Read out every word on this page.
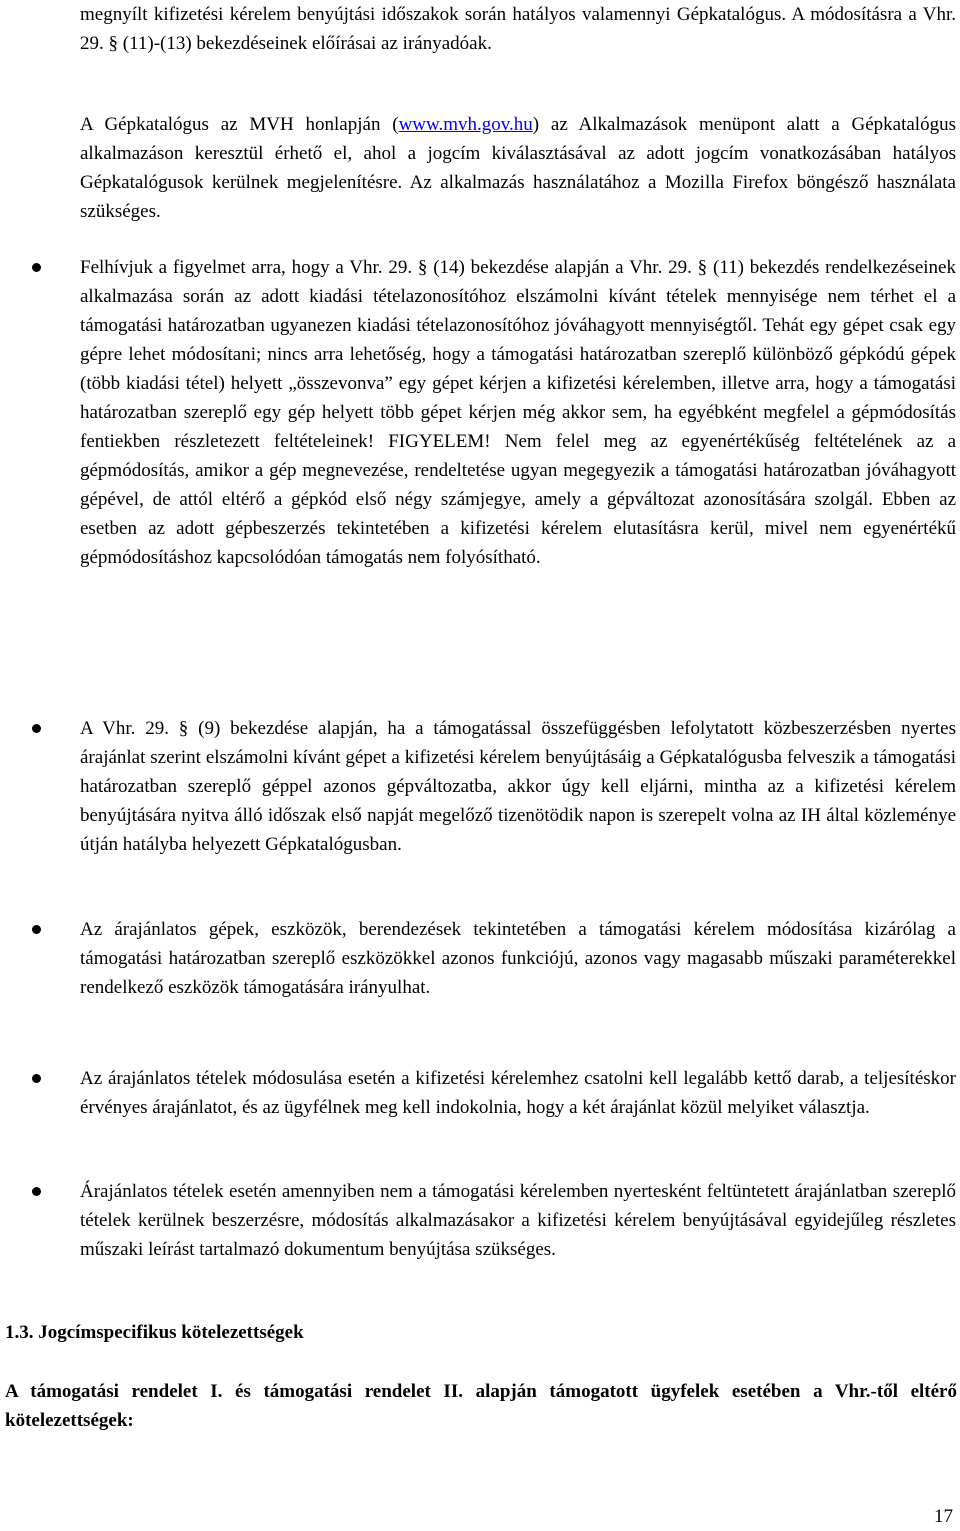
megnyílt kifizetési kérelem benyújtási időszakok során hatályos valamennyi Gépkatalógus. A módosításra a Vhr. 29. § (11)-(13) bekezdéseinek előírásai az irányadóak.

A Gépkatalógus az MVH honlapján (www.mvh.gov.hu) az Alkalmazások menüpont alatt a Gépkatalógus alkalmazáson keresztül érhető el, ahol a jogcím kiválasztásával az adott jogcím vonatkozásában hatályos Gépkatalógusok kerülnek megjelenítésre. Az alkalmazás használatához a Mozilla Firefox böngésző használata szükséges.

Felhívjuk a figyelmet arra, hogy a Vhr. 29. § (14) bekezdése alapján a Vhr. 29. § (11) bekezdés rendelkezéseinek alkalmazása során az adott kiadási tételazonosítóhoz elszámolni kívánt tételek mennyisége nem térhet el a támogatási határozatban ugyanezen kiadási tételazonosítóhoz jóváhagyott mennyiségtől. Tehát egy gépet csak egy gépre lehet módosítani; nincs arra lehetőség, hogy a támogatási határozatban szereplő különböző gépkódú gépek (több kiadási tétel) helyett „összevonva” egy gépet kérjen a kifizetési kérelemben, illetve arra, hogy a támogatási határozatban szereplő egy gép helyett több gépet kérjen még akkor sem, ha egyébként megfelel a gépmódosítás fentiekben részletezett feltételeinek! FIGYELEM! Nem felel meg az egyenértékűség feltételének az a gépmódosítás, amikor a gép megnevezése, rendeltetése ugyan megegyezik a támogatási határozatban jóváhagyott gépével, de attól eltérő a gépkód első négy számjegye, amely a gépváltozat azonosítására szolgál. Ebben az esetben az adott gépbeszerzés tekintetében a kifizetési kérelem elutasításra kerül, mivel nem egyenértékű gépmódosításhoz kapcsolódóan támogatás nem folyósítható.

A Vhr. 29. § (9) bekezdése alapján, ha a támogatással összefüggésben lefolytatott közbeszerzésben nyertes árajánlat szerint elszámolni kívánt gépet a kifizetési kérelem benyújtásáig a Gépkatalógusba felveszik a támogatási határozatban szereplő géppel azonos gépváltozatba, akkor úgy kell eljárni, mintha az a kifizetési kérelem benyújtására nyitva álló időszak első napját megelőző tizenötödik napon is szerepelt volna az IH által közleménye útján hatályba helyezett Gépkatalógusban.

Az árajánlatos gépek, eszközök, berendezések tekintetében a támogatási kérelem módosítása kizárólag a támogatási határozatban szereplő eszközökkel azonos funkciójú, azonos vagy magasabb műszaki paraméterekkel rendelkező eszközök támogatására irányulhat.

Az árajánlatos tételek módosulása esetén a kifizetési kérelemhez csatolni kell legalább kettő darab, a teljesítéskor érvényes árajánlatot, és az ügyfélnek meg kell indokolnia, hogy a két árajánlat közül melyiket választja.

Árajánlatos tételek esetén amennyiben nem a támogatási kérelemben nyertesként feltüntetett árajánlatban szereplő tételek kerülnek beszerzésre, módosítás alkalmazásakor a kifizetési kérelem benyújtásával egyidejűleg részletes műszaki leírást tartalmazó dokumentum benyújtása szükséges.

1.3. Jogcímspecifikus kötelezettségek

A támogatási rendelet I. és támogatási rendelet II. alapján támogatott ügyfelek esetében a Vhr.-től eltérő kötelezettségek:

17
